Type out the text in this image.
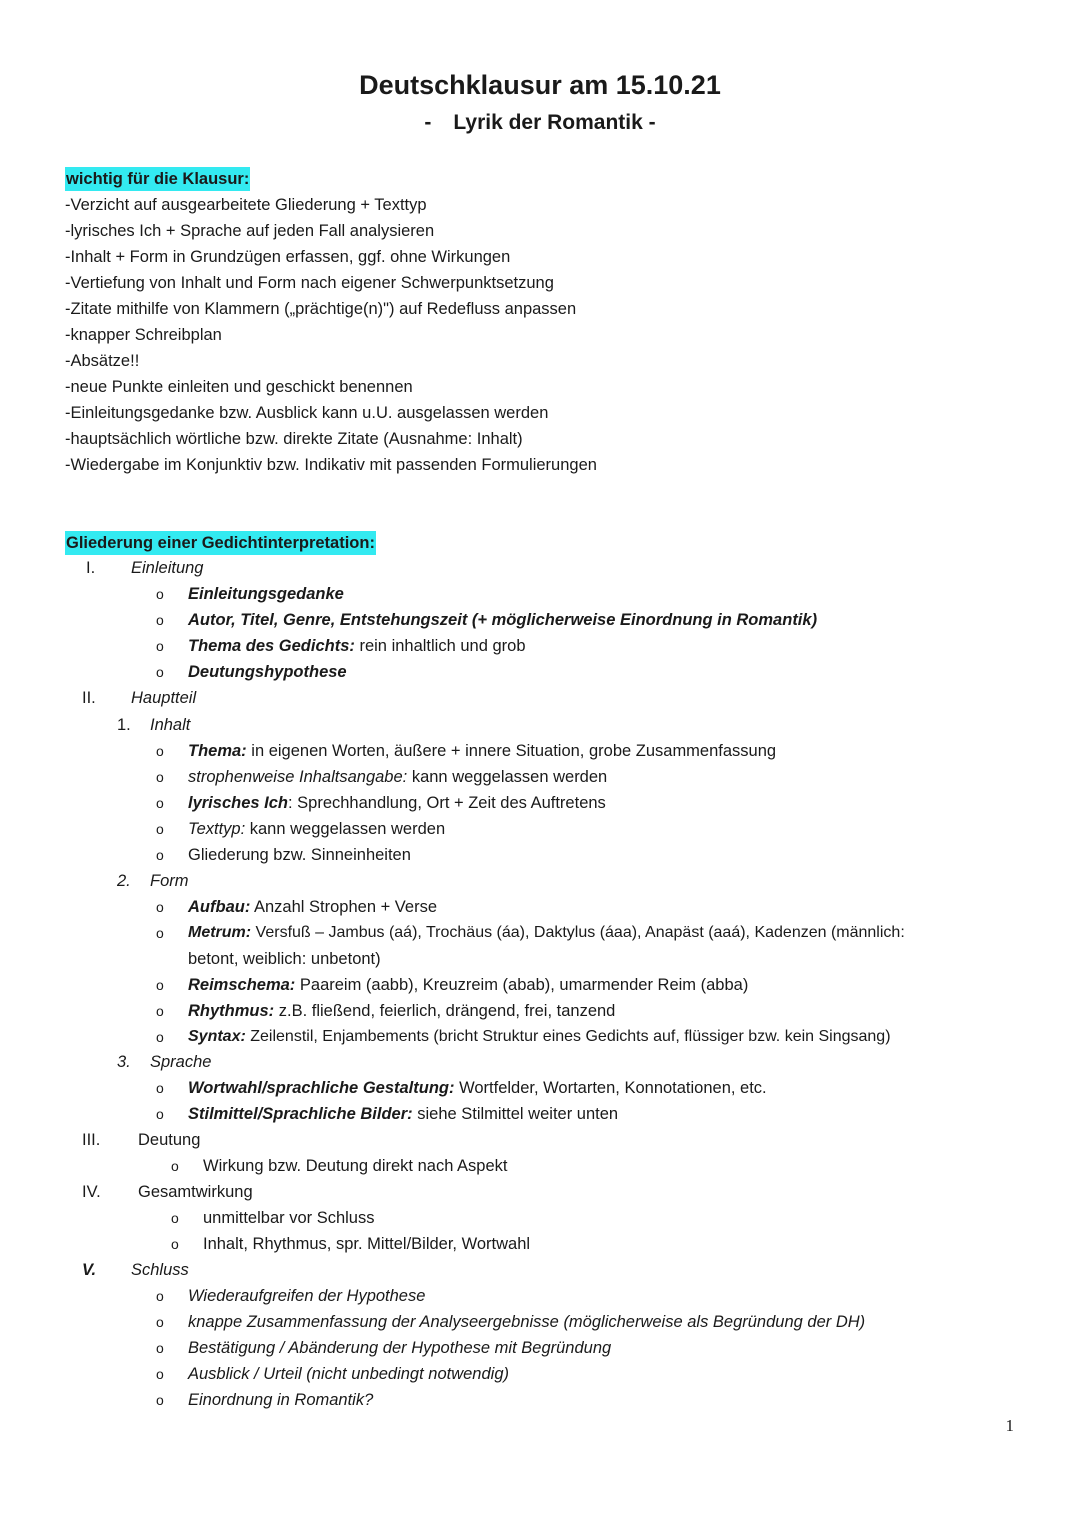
Deutschklausur am 15.10.21
- Lyrik der Romantik -
wichtig für die Klausur:
-Verzicht auf ausgearbeitete Gliederung + Texttyp
-lyrisches Ich + Sprache auf jeden Fall analysieren
-Inhalt + Form in Grundzügen erfassen, ggf. ohne Wirkungen
-Vertiefung von Inhalt und Form nach eigener Schwerpunktsetzung
-Zitate mithilfe von Klammern („prächtige(n)") auf Redefluss anpassen
-knapper Schreibplan
-Absätze!!
-neue Punkte einleiten und geschickt benennen
-Einleitungsgedanke bzw. Ausblick kann u.U. ausgelassen werden
-hauptsächlich wörtliche bzw. direkte Zitate (Ausnahme: Inhalt)
-Wiedergabe im Konjunktiv bzw. Indikativ mit passenden Formulierungen
Gliederung einer Gedichtinterpretation:
I. Einleitung
o Einleitungsgedanke
o Autor, Titel, Genre, Entstehungszeit (+ möglicherweise Einordnung in Romantik)
o Thema des Gedichts: rein inhaltlich und grob
o Deutungshypothese
II. Hauptteil
1. Inhalt
o Thema: in eigenen Worten, äußere + innere Situation, grobe Zusammenfassung
o strophenweise Inhaltsangabe: kann weggelassen werden
o lyrisches Ich: Sprechhandlung, Ort + Zeit des Auftretens
o Texttyp: kann weggelassen werden
o Gliederung bzw. Sinneinheiten
2. Form
o Aufbau: Anzahl Strophen + Verse
o Metrum: Versfuß – Jambus (aá), Trochäus (áa), Daktylus (áaa), Anapäst (aaá), Kadenzen (männlich:
betont, weiblich: unbetont)
o Reimschema: Paareim (aabb), Kreuzreim (abab), umarmender Reim (abba)
o Rhythmus: z.B. fließend, feierlich, drängend, frei, tanzend
o Syntax: Zeilenstil, Enjambements (bricht Struktur eines Gedichts auf, flüssiger bzw. kein Singsang)
3. Sprache
o Wortwahl/sprachliche Gestaltung: Wortfelder, Wortarten, Konnotationen, etc.
o Stilmittel/Sprachliche Bilder: siehe Stilmittel weiter unten
III. Deutung
o Wirkung bzw. Deutung direkt nach Aspekt
IV. Gesamtwirkung
o unmittelbar vor Schluss
o Inhalt, Rhythmus, spr. Mittel/Bilder, Wortwahl
V. Schluss
o Wiederaufgreifen der Hypothese
o knappe Zusammenfassung der Analyseergebnisse (möglicherweise als Begründung der DH)
o Bestätigung / Abänderung der Hypothese mit Begründung
o Ausblick / Urteil (nicht unbedingt notwendig)
o Einordnung in Romantik?
1
